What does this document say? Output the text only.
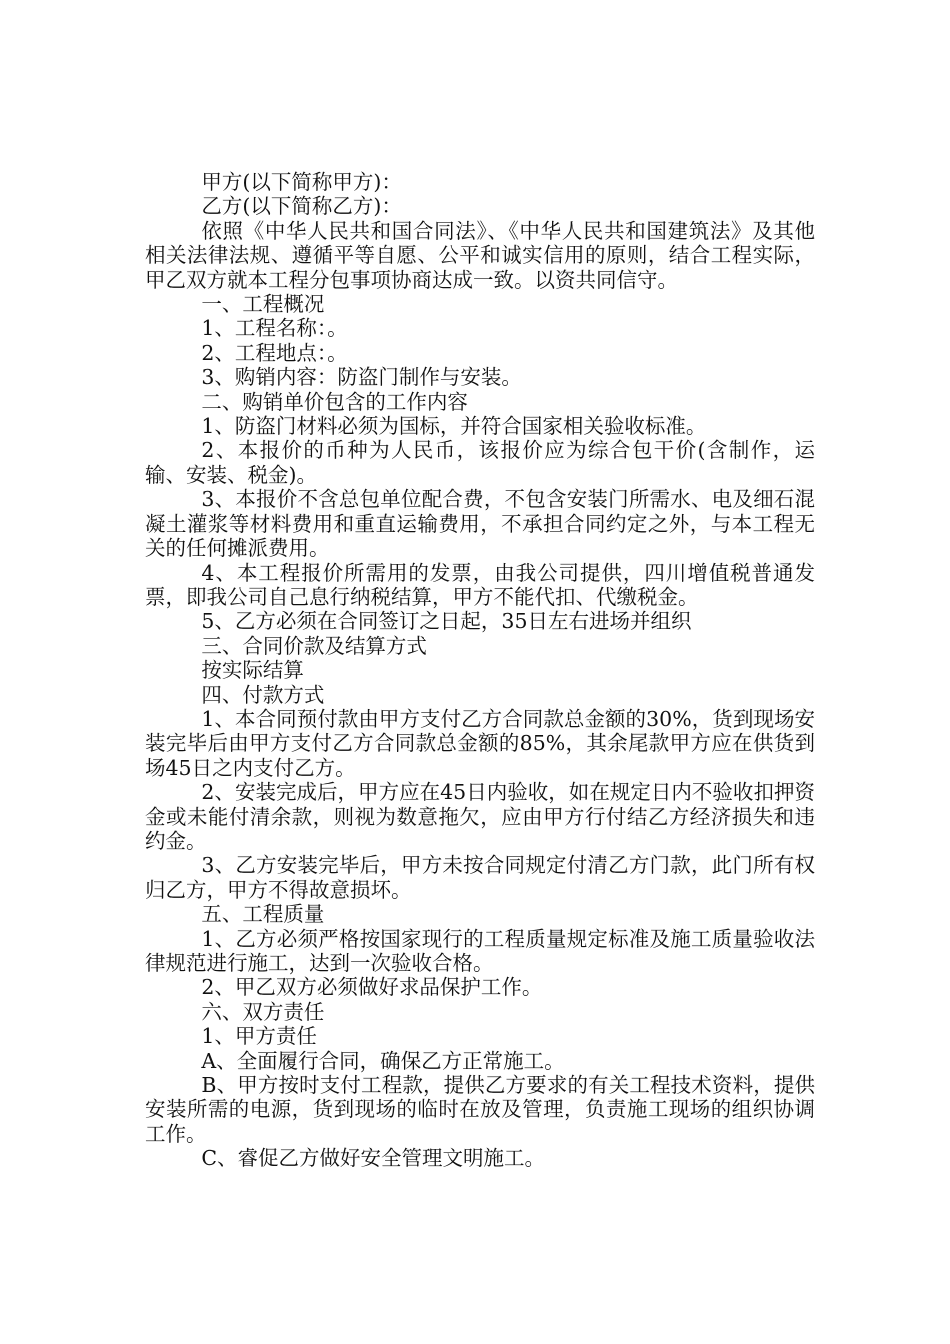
甲方(以下简称甲方)：

乙方(以下简称乙方)：

依照《中华人民共和国合同法》、《中华人民共和国建筑法》及其他相关法律法规、遵循平等自愿、公平和诚实信用的原则，结合工程实际，甲乙双方就本工程分包事项协商达成一致。以资共同信守。

一、工程概况

1、工程名称：。

2、工程地点：。

3、购销内容：防盗门制作与安装。

二、购销单价包含的工作内容

1、防盗门材料必须为国标，并符合国家相关验收标准。

2、本报价的币种为人民币，该报价应为综合包干价(含制作，运输、安装、税金)。

3、本报价不含总包单位配合费，不包含安装门所需水、电及细石混凝土灌浆等材料费用和重直运输费用，不承担合同约定之外，与本工程无关的任何摊派费用。

4、本工程报价所需用的发票，由我公司提供，四川增值税普通发票，即我公司自己息行纳税结算，甲方不能代扣、代缴税金。

5、乙方必须在合同签订之日起，35日左右进场并组织

三、合同价款及结算方式

按实际结算

四、付款方式

1、本合同预付款由甲方支付乙方合同款总金额的30%，货到现场安装完毕后由甲方支付乙方合同款总金额的85%，其余尾款甲方应在供货到场45日之内支付乙方。

2、安装完成后，甲方应在45日内验收，如在规定日内不验收扣押资金或未能付清余款，则视为数意拖欠，应由甲方行付结乙方经济损失和违约金。

3、乙方安装完毕后，甲方未按合同规定付清乙方门款，此门所有权归乙方，甲方不得故意损坏。

五、工程质量

1、乙方必须严格按国家现行的工程质量规定标准及施工质量验收法律规范进行施工，达到一次验收合格。

2、甲乙双方必须做好求品保护工作。

六、双方责任

1、甲方责任

A、全面履行合同，确保乙方正常施工。

B、甲方按时支付工程款，提供乙方要求的有关工程技术资料，提供安装所需的电源，货到现场的临时在放及管理，负责施工现场的组织协调工作。

C、睿促乙方做好安全管理文明施工。
